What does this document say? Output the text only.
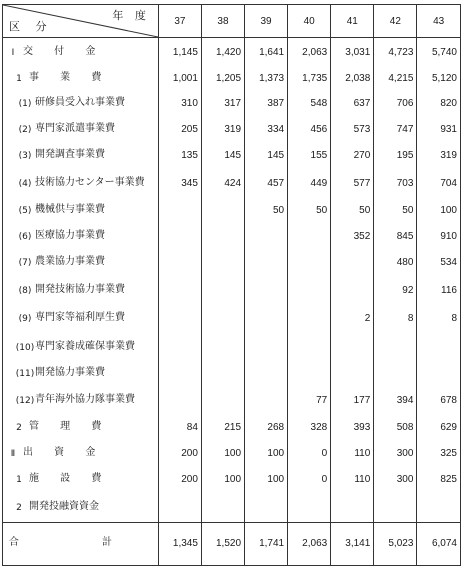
年 度
区 分	37	38	39	40	41	42	43
Ⅰ 交 付 金	1,145	1,420	1,641	2,063	3,031	4,723	5,740
1 事 業 費	1,001	1,205	1,373	1,735	2,038	4,215	5,120
(1) 研修員受入れ事業費	310	317	387	548	637	706	820
(2) 専門家派遣事業費	205	319	334	456	573	747	931
(3) 開発調査事業費	135	145	145	155	270	195	319
(4) 技術協力センター事業費	345	424	457	449	577	703	704
(5) 機械供与事業費			50	50	50	50	100
(6) 医療協力事業費					352	845	910
(7) 農業協力事業費						480	534
(8) 開発技術協力事業費						92	116
(9) 専門家等福利厚生費					2	8	8
(10)専門家養成確保事業費							
(11)開発協力事業費							
(12)青年海外協力隊事業費				77	177	394	678
2 管 理 費	84	215	268	328	393	508	629
Ⅱ 出 資 金	200	100	100	0	110	300	325
1 施 設 費	200	100	100	0	110	300	825
2 開発投融資資金							
合 計	1,345	1,520	1,741	2,063	3,141	5,023	6,074
